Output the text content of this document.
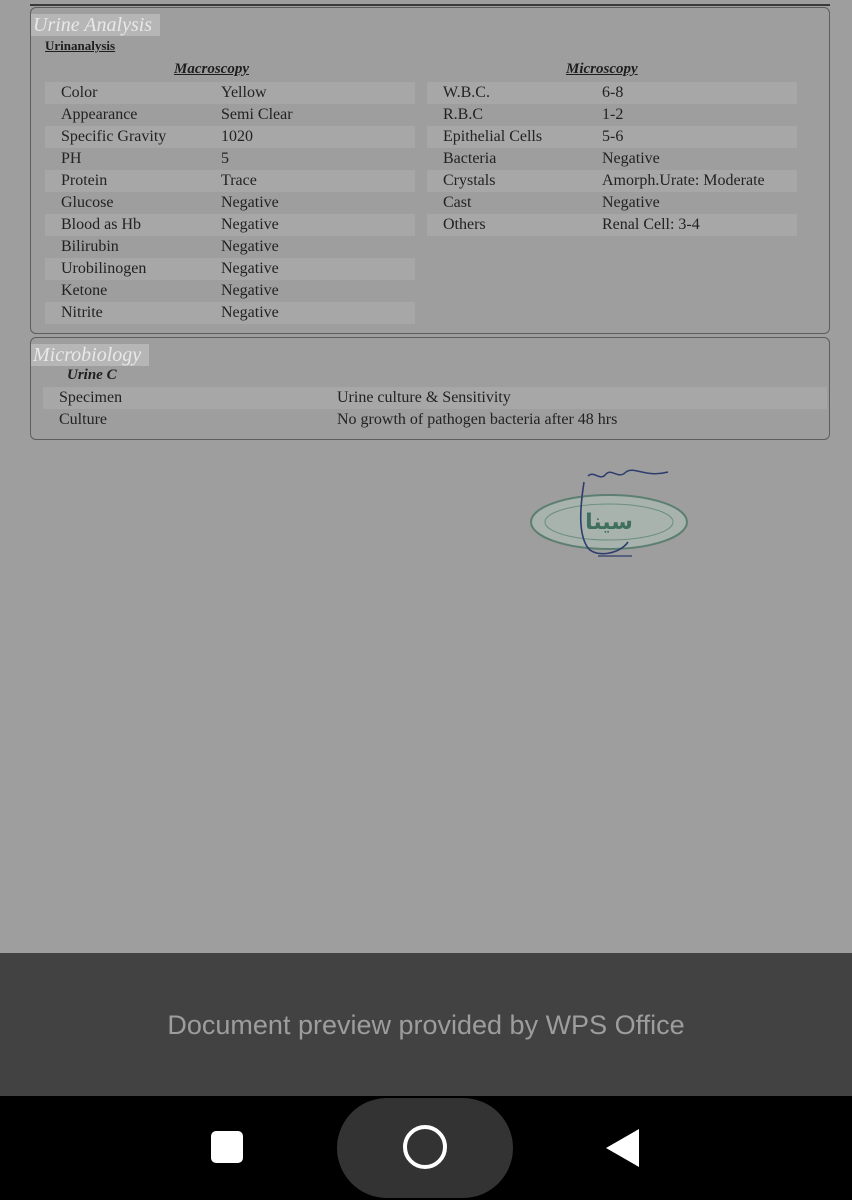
Urine Analysis
Urinanalysis
Macroscopy	Microscopy
Color	Yellow
Appearance	Semi Clear
Specific Gravity	1020
PH	5
Protein	Trace
Glucose	Negative
Blood as Hb	Negative
Bilirubin	Negative
Urobilinogen	Negative
Ketone	Negative
Nitrite	Negative
W.B.C.	6-8
R.B.C	1-2
Epithelial Cells	5-6
Bacteria	Negative
Crystals	Amorph.Urate: Moderate
Cast	Negative
Others	Renal Cell: 3-4
Microbiology
Urine C
Specimen	Urine culture & Sensitivity
Culture	No growth of pathogen bacteria after 48 hrs
سینا
Document preview provided by WPS Office
